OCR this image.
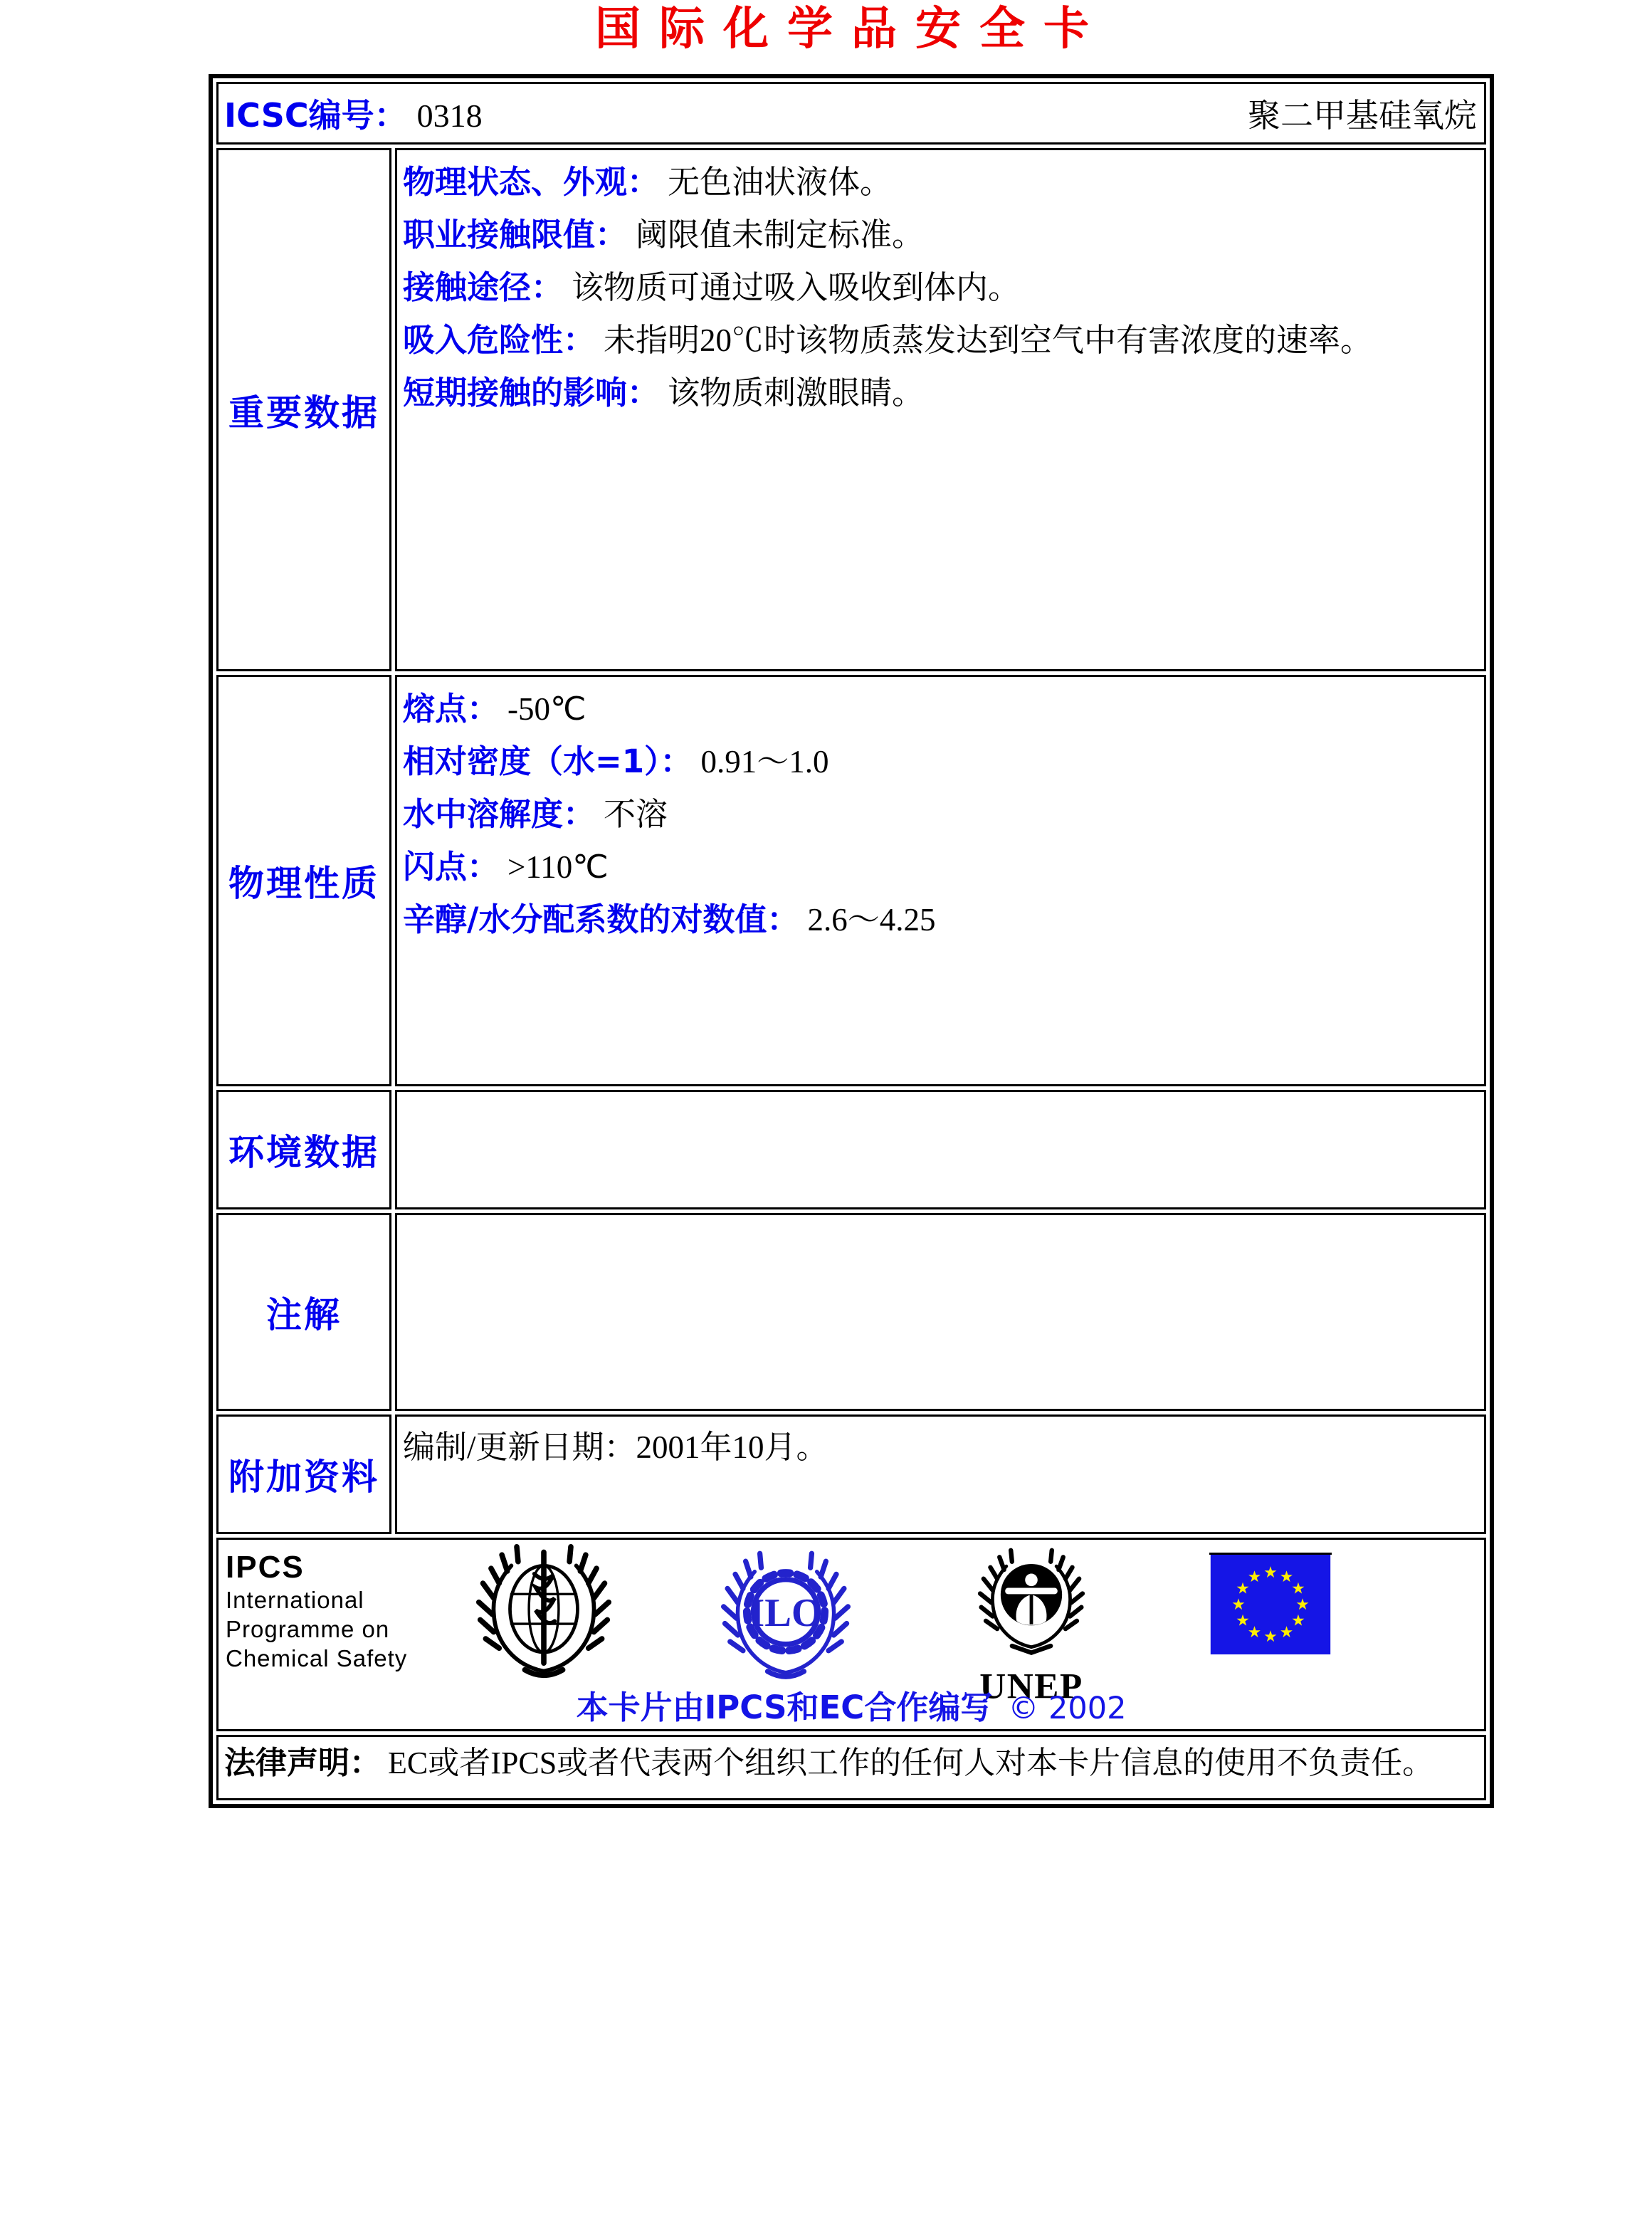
国际化学品安全卡
ICSC编号： 0318 聚二甲基硅氧烷	

重要数据	物理状态、外观： 无色油状液体。
职业接触限值： 阈限值未制定标准。
接触途径： 该物质可通过吸入吸收到体内。
吸入危险性： 未指明20℃时该物质蒸发达到空气中有害浓度的速率。
短期接触的影响： 该物质刺激眼睛。

物理性质	熔点： -50℃
相对密度（水=1）： 0.91～1.0
水中溶解度： 不溶
闪点： >110℃
辛醇/水分配系数的对数值： 2.6～4.25

环境数据	
注解	
附加资料	编制/更新日期：2001年10月。

IPCS
International
Programme on
Chemical Safety
ILO
UNEP
本卡片由IPCS和EC合作编写 © 2002

法律声明： EC或者IPCS或者代表两个组织工作的任何人对本卡片信息的使用不负责任。	
